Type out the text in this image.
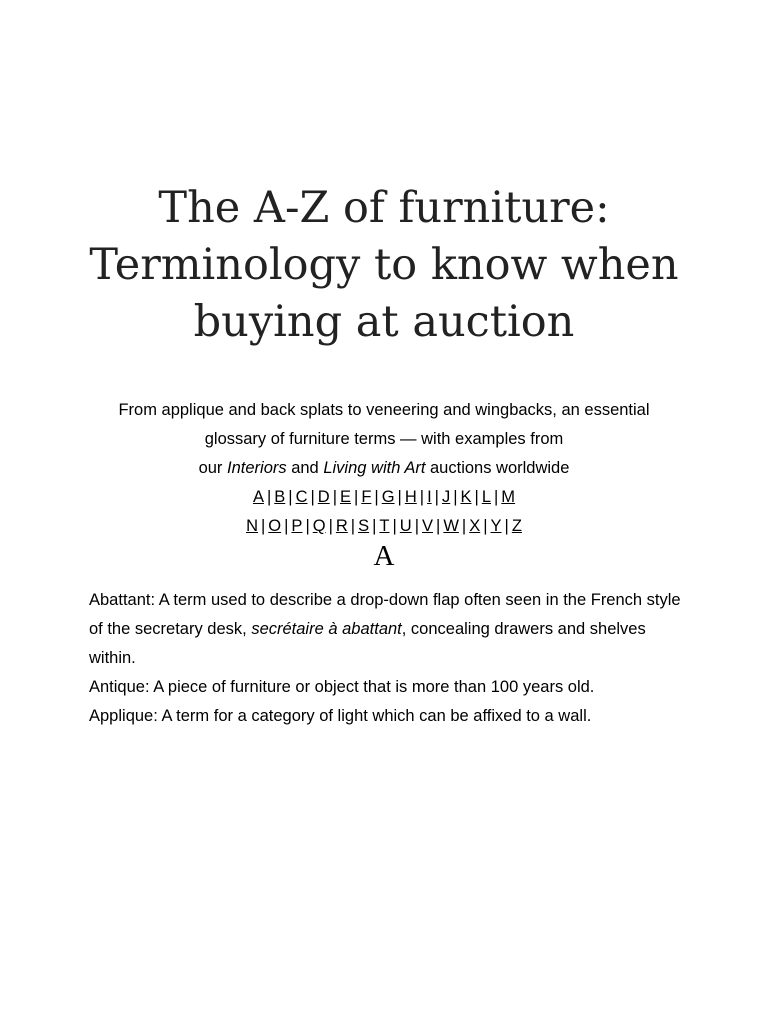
The A-Z of furniture:
Terminology to know when
buying at auction

From applique and back splats to veneering and wingbacks, an essential
glossary of furniture terms — with examples from
our Interiors and Living with Art auctions worldwide

A | B | C | D | E | F | G | H | I | J | K | L | M
N | O | P | Q | R | S | T | U | V | W | X | Y | Z
A

Abattant: A term used to describe a drop-down flap often seen in the French style of the secretary desk, secrétaire à abattant, concealing drawers and shelves within.

Antique: A piece of furniture or object that is more than 100 years old.

Applique: A term for a category of light which can be affixed to a wall.
